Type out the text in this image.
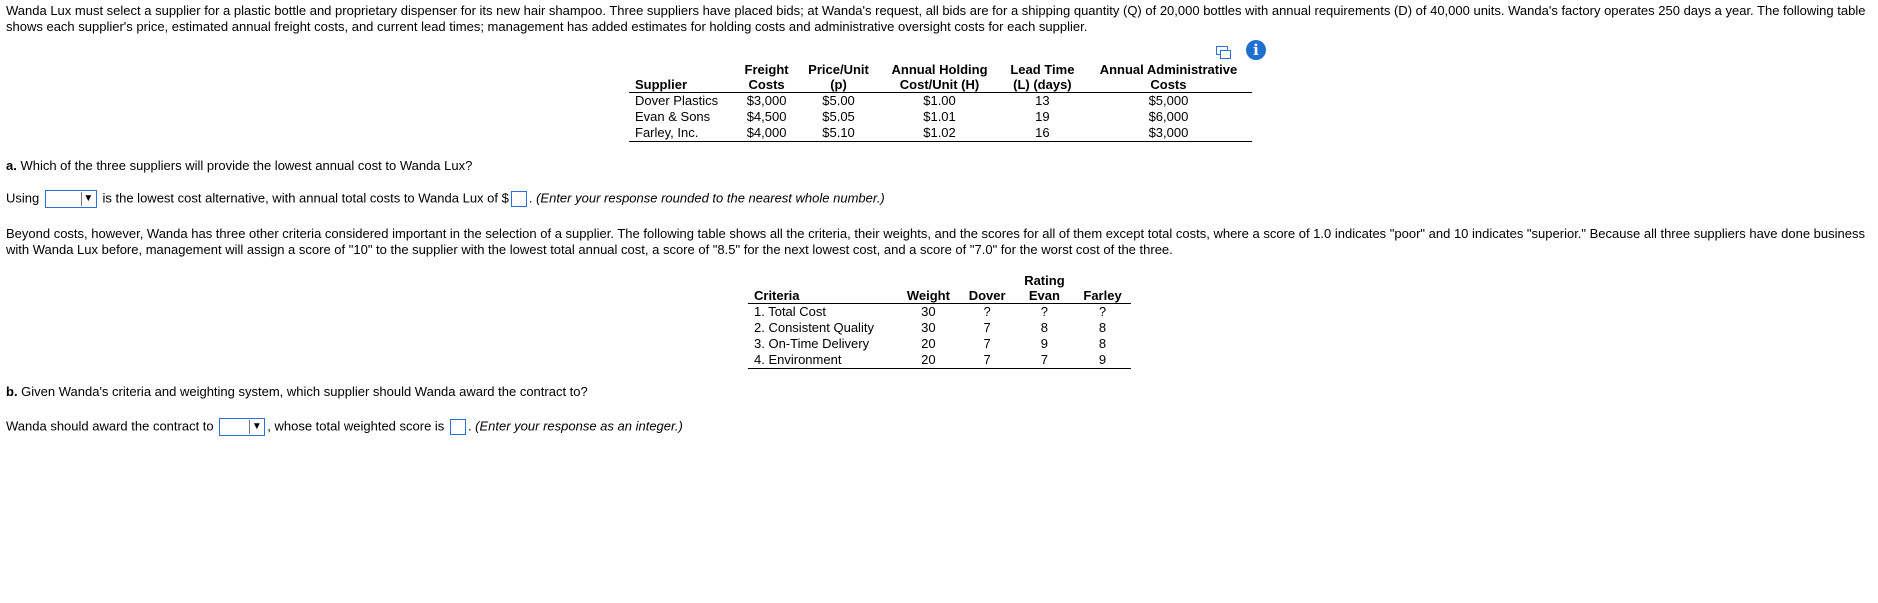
Wanda Lux must select a supplier for a plastic bottle and proprietary dispenser for its new hair shampoo. Three suppliers have placed bids; at Wanda's request, all bids are for a shipping quantity (Q) of 20,000 bottles with annual requirements (D) of 40,000 units. Wanda's factory operates 250 days a year. The following table shows each supplier's price, estimated annual freight costs, and current lead times; management has added estimates for holding costs and administrative oversight costs for each supplier.
i
	Freight	Price/Unit	Annual Holding	Lead Time	Annual Administrative
Supplier	Costs	(p)	Cost/Unit (H)	(L) (days)	Costs
Dover Plastics	$3,000	$5.00	$1.00	13	$5,000
Evan & Sons	$4,500	$5.05	$1.01	19	$6,000
Farley, Inc.	$4,000	$5.10	$1.02	16	$3,000
a. Which of the three suppliers will provide the lowest annual cost to Wanda Lux?
Using	▼ is the lowest cost alternative, with annual total costs to Wanda Lux of $ . (Enter your response rounded to the nearest whole number.)
Beyond costs, however, Wanda has three other criteria considered important in the selection of a supplier. The following table shows all the criteria, their weights, and the scores for all of them except total costs, where a score of 1.0 indicates "poor" and 10 indicates "superior." Because all three suppliers have done business with Wanda Lux before, management will assign a score of "10" to the supplier with the lowest total annual cost, a score of "8.5" for the next lowest cost, and a score of "7.0" for the worst cost of the three.
			Rating	
Criteria	Weight	Dover	Evan	Farley
1. Total Cost	30	?	?	?
2. Consistent Quality	30	7	8	8
3. On-Time Delivery	20	7	9	8
4. Environment	20	7	7	9
b. Given Wanda's criteria and weighting system, which supplier should Wanda award the contract to?
Wanda should award the contract to	▼ , whose total weighted score is . (Enter your response as an integer.)
